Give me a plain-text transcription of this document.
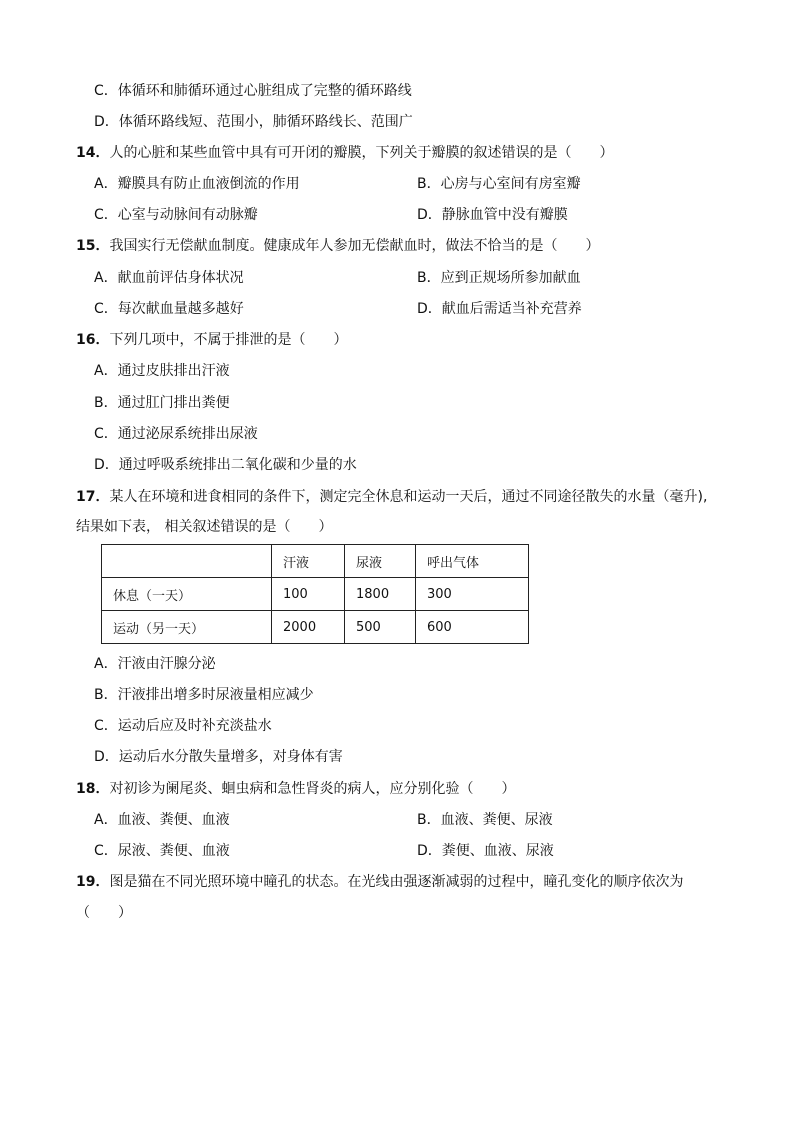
C．体循环和肺循环通过心脏组成了完整的循环路线
D．体循环路线短、范围小，肺循环路线长、范围广
14．人的心脏和某些血管中具有可开闭的瓣膜，下列关于瓣膜的叙述错误的是（　　）
A．瓣膜具有防止血液倒流的作用	B．心房与心室间有房室瓣
C．心室与动脉间有动脉瓣	D．静脉血管中没有瓣膜
15．我国实行无偿献血制度。健康成年人参加无偿献血时，做法不恰当的是（　　）
A．献血前评估身体状况	B．应到正规场所参加献血
C．每次献血量越多越好	D．献血后需适当补充营养
16．下列几项中，不属于排泄的是（　　）
A．通过皮肤排出汗液
B．通过肛门排出粪便
C．通过泌尿系统排出尿液
D．通过呼吸系统排出二氧化碳和少量的水
17．某人在环境和进食相同的条件下，测定完全休息和运动一天后，通过不同途径散失的水量（毫升),
结果如下表， 相关叙述错误的是（　　）
	汗液	尿液	呼出气体
休息（一天）	100	1800	300
运动（另一天）	2000	500	600
A．汗液由汗腺分泌
B．汗液排出增多时尿液量相应减少
C．运动后应及时补充淡盐水
D．运动后水分散失量增多，对身体有害
18．对初诊为阑尾炎、蛔虫病和急性肾炎的病人，应分别化验（　　）
A．血液、粪便、血液	B．血液、粪便、尿液
C．尿液、粪便、血液	D．粪便、血液、尿液
19．图是猫在不同光照环境中瞳孔的状态。在光线由强逐渐减弱的过程中，瞳孔变化的顺序依次为
（　　）
